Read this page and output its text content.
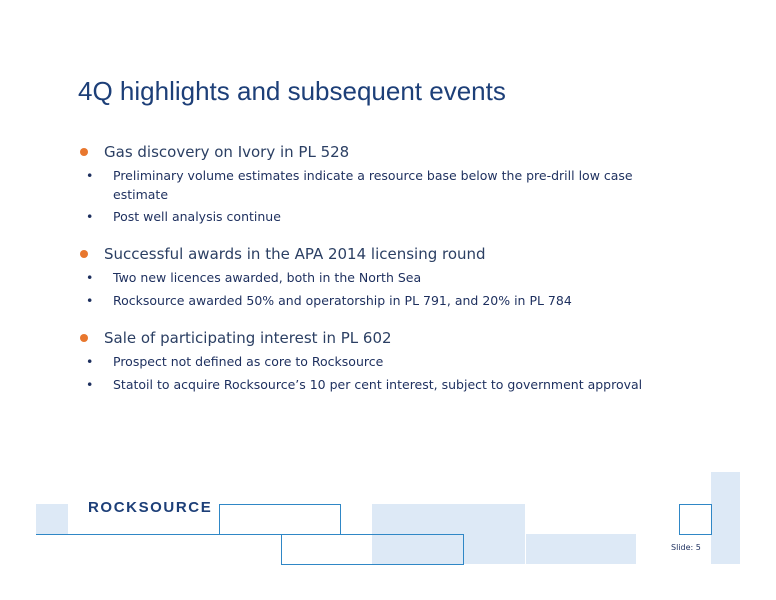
4Q highlights and subsequent events
Gas discovery on Ivory in PL 528
• Preliminary volume estimates indicate a resource base below the pre-drill low case estimate
• Post well analysis continue
Successful awards in the APA 2014 licensing round
• Two new licences awarded, both in the North Sea
• Rocksource awarded 50% and operatorship in PL 791, and 20% in PL 784
Sale of participating interest in PL 602
• Prospect not defined as core to Rocksource
• Statoil to acquire Rocksource’s 10 per cent interest, subject to government approval
ROCKSOURCE
Slide: 5
